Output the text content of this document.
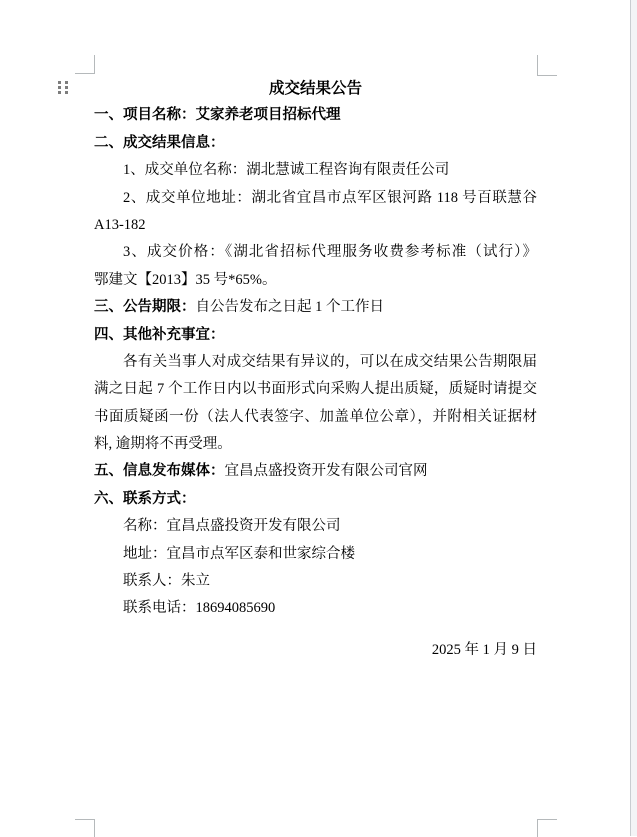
成交结果公告
一、项目名称：艾家养老项目招标代理
二、成交结果信息：
1、成交单位名称：湖北慧诚工程咨询有限责任公司
2、成交单位地址：湖北省宜昌市点军区银河路 118 号百联慧谷
A13-182
3、成交价格：《湖北省招标代理服务收费参考标准（试行）》
鄂建文【2013】35 号*65%。
三、公告期限：自公告发布之日起 1 个工作日
四、其他补充事宜：
各有关当事人对成交结果有异议的，可以在成交结果公告期限届
满之日起 7 个工作日内以书面形式向采购人提出质疑，质疑时请提交
书面质疑函一份（法人代表签字、加盖单位公章），并附相关证据材
料, 逾期将不再受理。
五、信息发布媒体：宜昌点盛投资开发有限公司官网
六、联系方式：
名称：宜昌点盛投资开发有限公司
地址：宜昌市点军区泰和世家综合楼
联系人：朱立
联系电话：18694085690
2025 年 1 月 9 日
